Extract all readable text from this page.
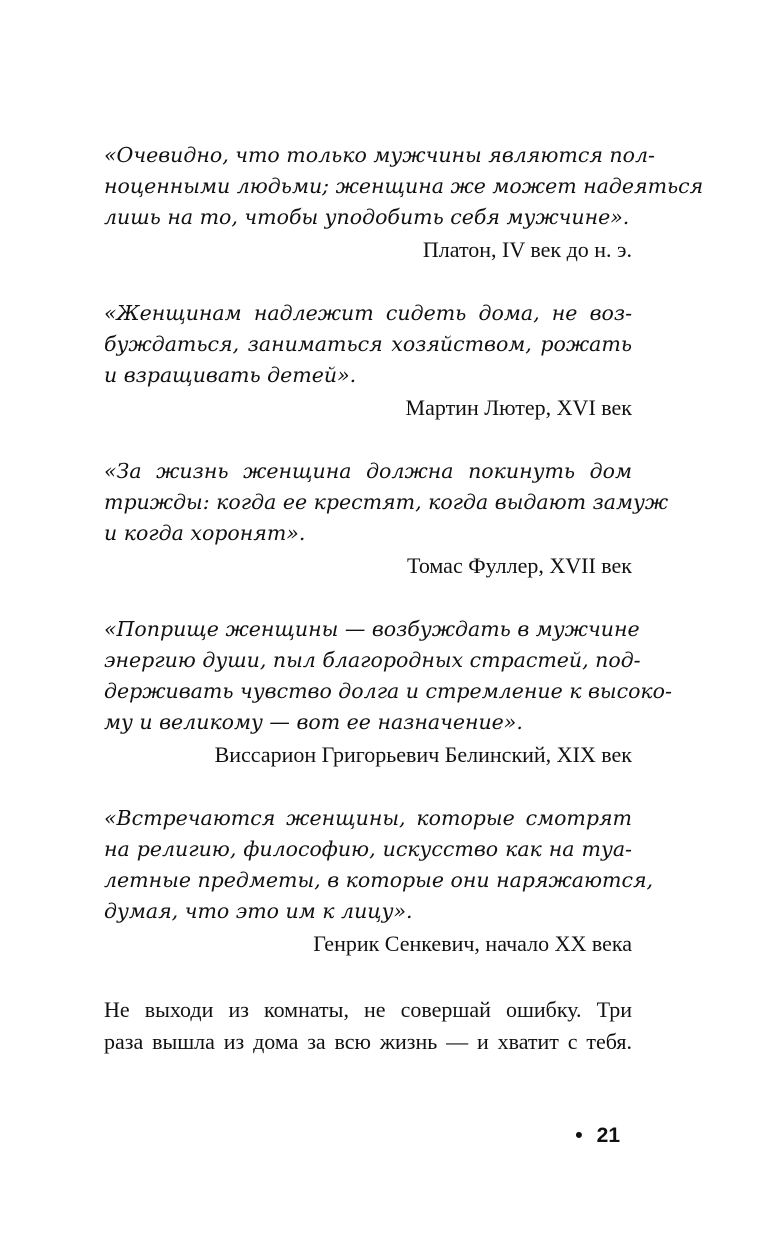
«Очевидно, что только мужчины являются пол-
ноценными людьми; женщина же может надеяться
лишь на то, чтобы уподобить себя мужчине».
Платон, IV век до н. э.
«Женщинам надлежит сидеть дома, не воз-
буждаться, заниматься хозяйством, рожать
и взращивать детей».
Мартин Лютер, XVI век
«За жизнь женщина должна покинуть дом
трижды: когда ее крестят, когда выдают замуж
и когда хоронят».
Томас Фуллер, XVII век
«Поприще женщины — возбуждать в мужчине
энергию души, пыл благородных страстей, под-
держивать чувство долга и стремление к высоко-
му и великому — вот ее назначение».
Виссарион Григорьевич Белинский, XIX век
«Встречаются женщины, которые смотрят
на религию, философию, искусство как на туа-
летные предметы, в которые они наряжаются,
думая, что это им к лицу».
Генрик Сенкевич, начало XX века
Не выходи из комнаты, не совершай ошибку. Три
раза вышла из дома за всю жизнь — и хватит с тебя.
• 21
